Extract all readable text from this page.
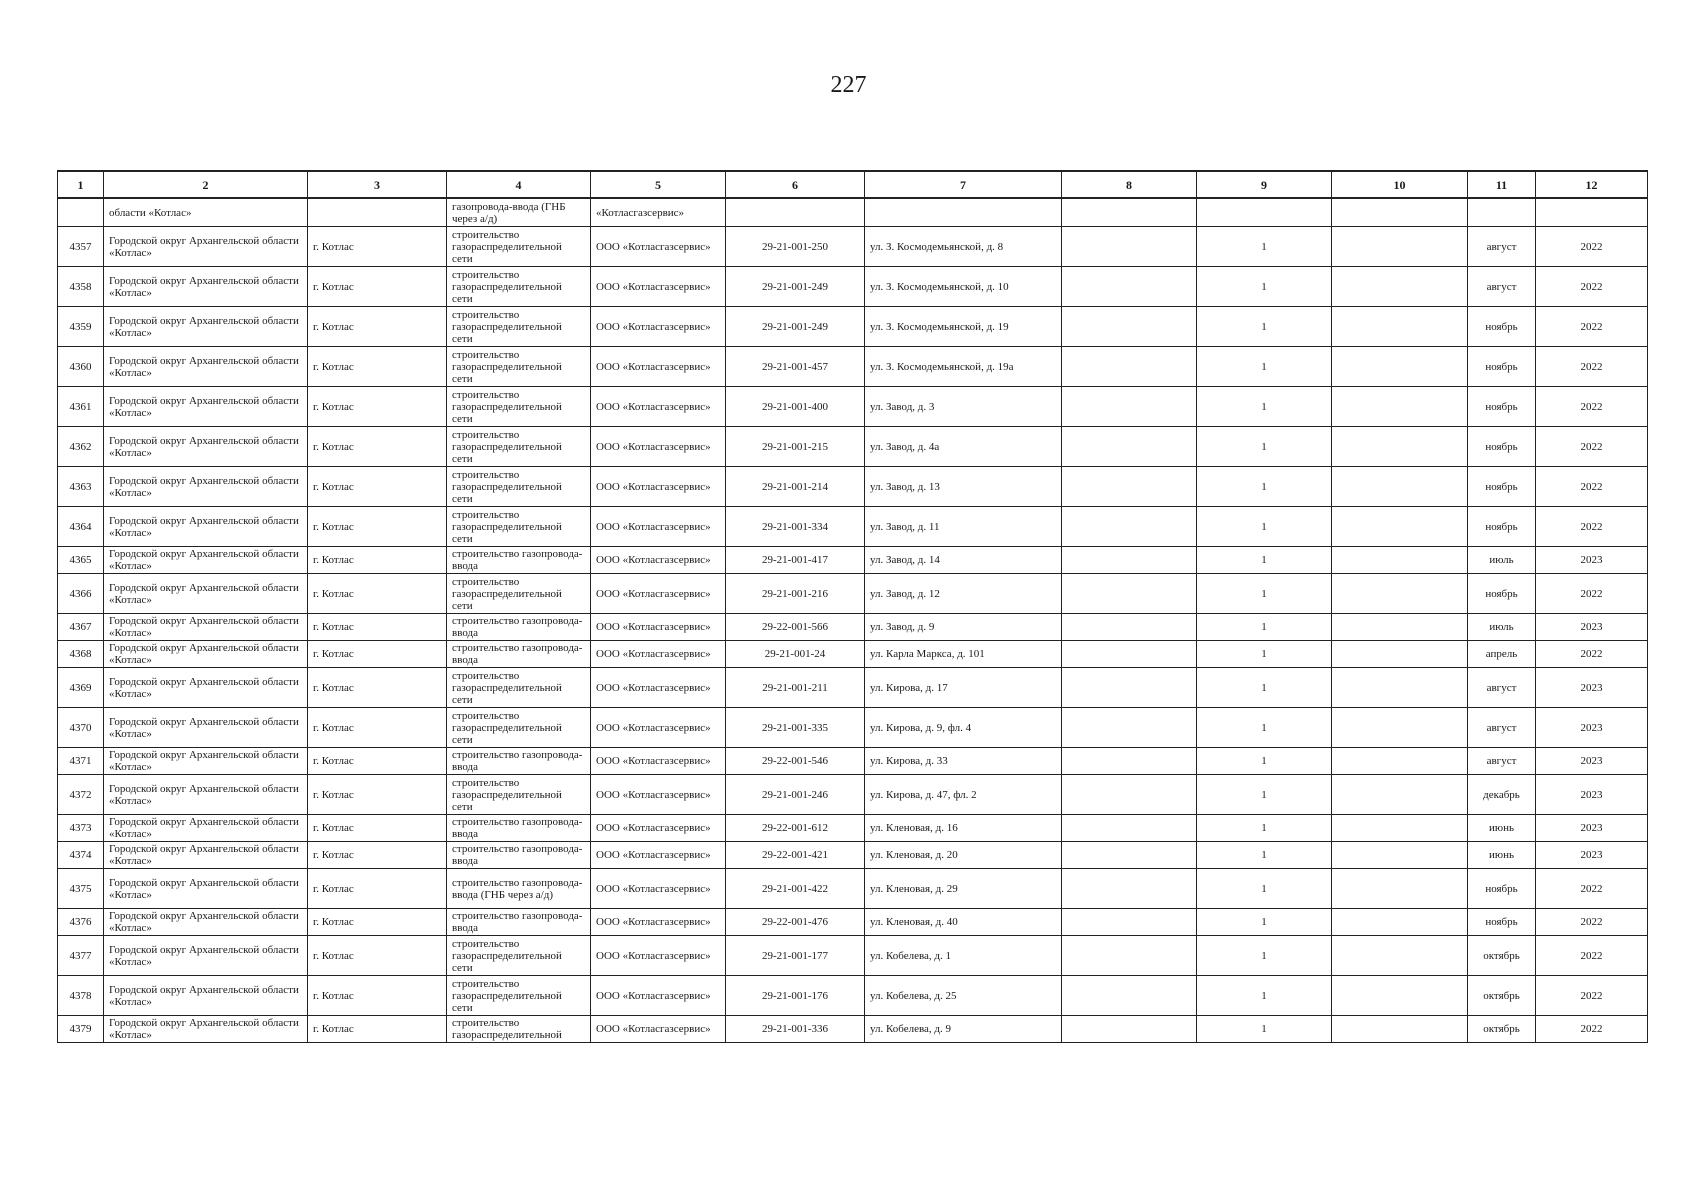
227
1	2	3	4	5	6	7	8	9	10	11	12
	области «Котлас»		газопровода-ввода (ГНБ через а/д)	«Котласгазсервис»							
4357	Городской округ Архангельской области «Котлас»	г. Котлас	строительство газораспределительной сети	ООО «Котласгазсервис»	29-21-001-250	ул. З. Космодемьянской, д. 8		1		август	2022
4358	Городской округ Архангельской области «Котлас»	г. Котлас	строительство газораспределительной сети	ООО «Котласгазсервис»	29-21-001-249	ул. З. Космодемьянской, д. 10		1		август	2022
4359	Городской округ Архангельской области «Котлас»	г. Котлас	строительство газораспределительной сети	ООО «Котласгазсервис»	29-21-001-249	ул. З. Космодемьянской, д. 19		1		ноябрь	2022
4360	Городской округ Архангельской области «Котлас»	г. Котлас	строительство газораспределительной сети	ООО «Котласгазсервис»	29-21-001-457	ул. З. Космодемьянской, д. 19а		1		ноябрь	2022
4361	Городской округ Архангельской области «Котлас»	г. Котлас	строительство газораспределительной сети	ООО «Котласгазсервис»	29-21-001-400	ул. Завод, д. 3		1		ноябрь	2022
4362	Городской округ Архангельской области «Котлас»	г. Котлас	строительство газораспределительной сети	ООО «Котласгазсервис»	29-21-001-215	ул. Завод, д. 4а		1		ноябрь	2022
4363	Городской округ Архангельской области «Котлас»	г. Котлас	строительство газораспределительной сети	ООО «Котласгазсервис»	29-21-001-214	ул. Завод, д. 13		1		ноябрь	2022
4364	Городской округ Архангельской области «Котлас»	г. Котлас	строительство газораспределительной сети	ООО «Котласгазсервис»	29-21-001-334	ул. Завод, д. 11		1		ноябрь	2022
4365	Городской округ Архангельской области «Котлас»	г. Котлас	строительство газопровода-ввода	ООО «Котласгазсервис»	29-21-001-417	ул. Завод, д. 14		1		июль	2023
4366	Городской округ Архангельской области «Котлас»	г. Котлас	строительство газораспределительной сети	ООО «Котласгазсервис»	29-21-001-216	ул. Завод, д. 12		1		ноябрь	2022
4367	Городской округ Архангельской области «Котлас»	г. Котлас	строительство газопровода-ввода	ООО «Котласгазсервис»	29-22-001-566	ул. Завод, д. 9		1		июль	2023
4368	Городской округ Архангельской области «Котлас»	г. Котлас	строительство газопровода-ввода	ООО «Котласгазсервис»	29-21-001-24	ул. Карла Маркса, д. 101		1		апрель	2022
4369	Городской округ Архангельской области «Котлас»	г. Котлас	строительство газораспределительной сети	ООО «Котласгазсервис»	29-21-001-211	ул. Кирова, д. 17		1		август	2023
4370	Городской округ Архангельской области «Котлас»	г. Котлас	строительство газораспределительной сети	ООО «Котласгазсервис»	29-21-001-335	ул. Кирова, д. 9, фл. 4		1		август	2023
4371	Городской округ Архангельской области «Котлас»	г. Котлас	строительство газопровода-ввода	ООО «Котласгазсервис»	29-22-001-546	ул. Кирова, д. 33		1		август	2023
4372	Городской округ Архангельской области «Котлас»	г. Котлас	строительство газораспределительной сети	ООО «Котласгазсервис»	29-21-001-246	ул. Кирова, д. 47, фл. 2		1		декабрь	2023
4373	Городской округ Архангельской области «Котлас»	г. Котлас	строительство газопровода-ввода	ООО «Котласгазсервис»	29-22-001-612	ул. Кленовая, д. 16		1		июнь	2023
4374	Городской округ Архангельской области «Котлас»	г. Котлас	строительство газопровода-ввода	ООО «Котласгазсервис»	29-22-001-421	ул. Кленовая, д. 20		1		июнь	2023
4375	Городской округ Архангельской области «Котлас»	г. Котлас	строительство газопровода-ввода (ГНБ через а/д)	ООО «Котласгазсервис»	29-21-001-422	ул. Кленовая, д. 29		1		ноябрь	2022
4376	Городской округ Архангельской области «Котлас»	г. Котлас	строительство газопровода-ввода	ООО «Котласгазсервис»	29-22-001-476	ул. Кленовая, д. 40		1		ноябрь	2022
4377	Городской округ Архангельской области «Котлас»	г. Котлас	строительство газораспределительной сети	ООО «Котласгазсервис»	29-21-001-177	ул. Кобелева, д. 1		1		октябрь	2022
4378	Городской округ Архангельской области «Котлас»	г. Котлас	строительство газораспределительной сети	ООО «Котласгазсервис»	29-21-001-176	ул. Кобелева, д. 25		1		октябрь	2022
4379	Городской округ Архангельской области «Котлас»	г. Котлас	строительство газораспределительной	ООО «Котласгазсервис»	29-21-001-336	ул. Кобелева, д. 9		1		октябрь	2022
